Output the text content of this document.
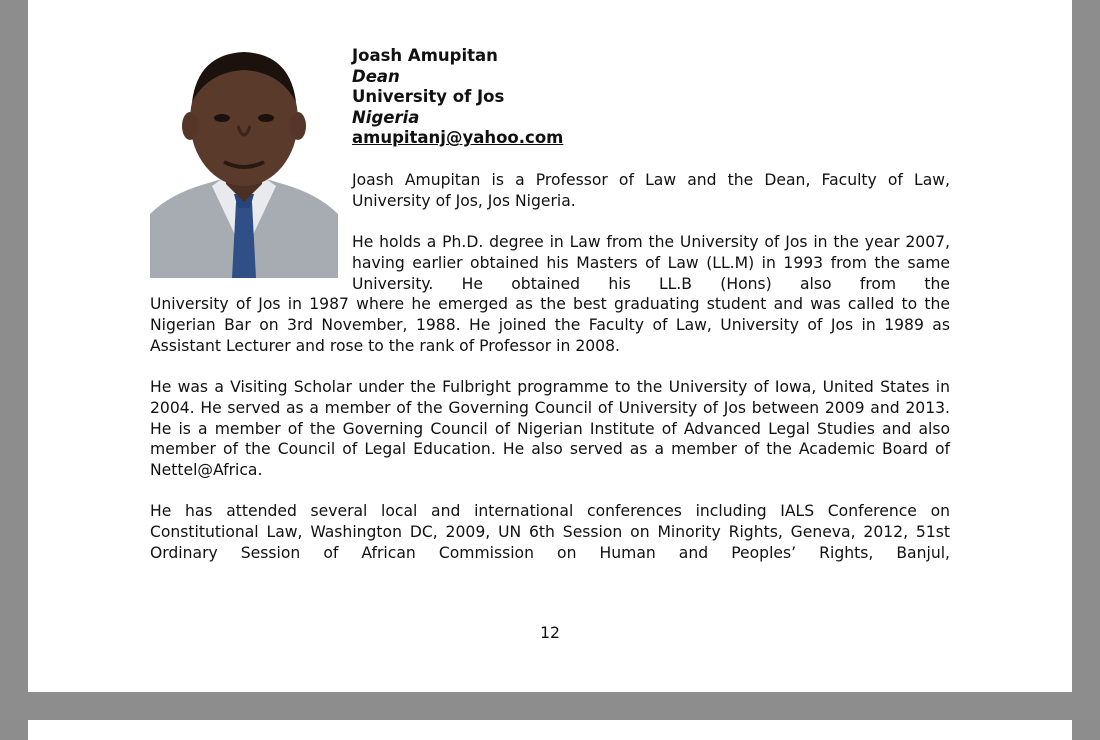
Joash Amupitan
Dean
University of Jos
Nigeria
amupitanj@yahoo.com

Joash Amupitan is a Professor of Law and the Dean, Faculty of Law, University of Jos, Jos Nigeria.

He holds a Ph.D. degree in Law from the University of Jos in the year 2007, having earlier obtained his Masters of Law (LL.M) in 1993 from the same University. He obtained his LL.B (Hons) also from the

University of Jos in 1987 where he emerged as the best graduating student and was called to the Nigerian Bar on 3rd November, 1988. He joined the Faculty of Law, University of Jos in 1989 as Assistant Lecturer and rose to the rank of Professor in 2008.

He was a Visiting Scholar under the Fulbright programme to the University of Iowa, United States in 2004. He served as a member of the Governing Council of University of Jos between 2009 and 2013. He is a member of the Governing Council of Nigerian Institute of Advanced Legal Studies and also member of the Council of Legal Education. He also served as a member of the Academic Board of Nettel@Africa.

He has attended several local and international conferences including IALS Conference on Constitutional Law, Washington DC, 2009, UN 6th Session on Minority Rights, Geneva, 2012, 51st Ordinary Session of African Commission on Human and Peoples’ Rights, Banjul,

12
